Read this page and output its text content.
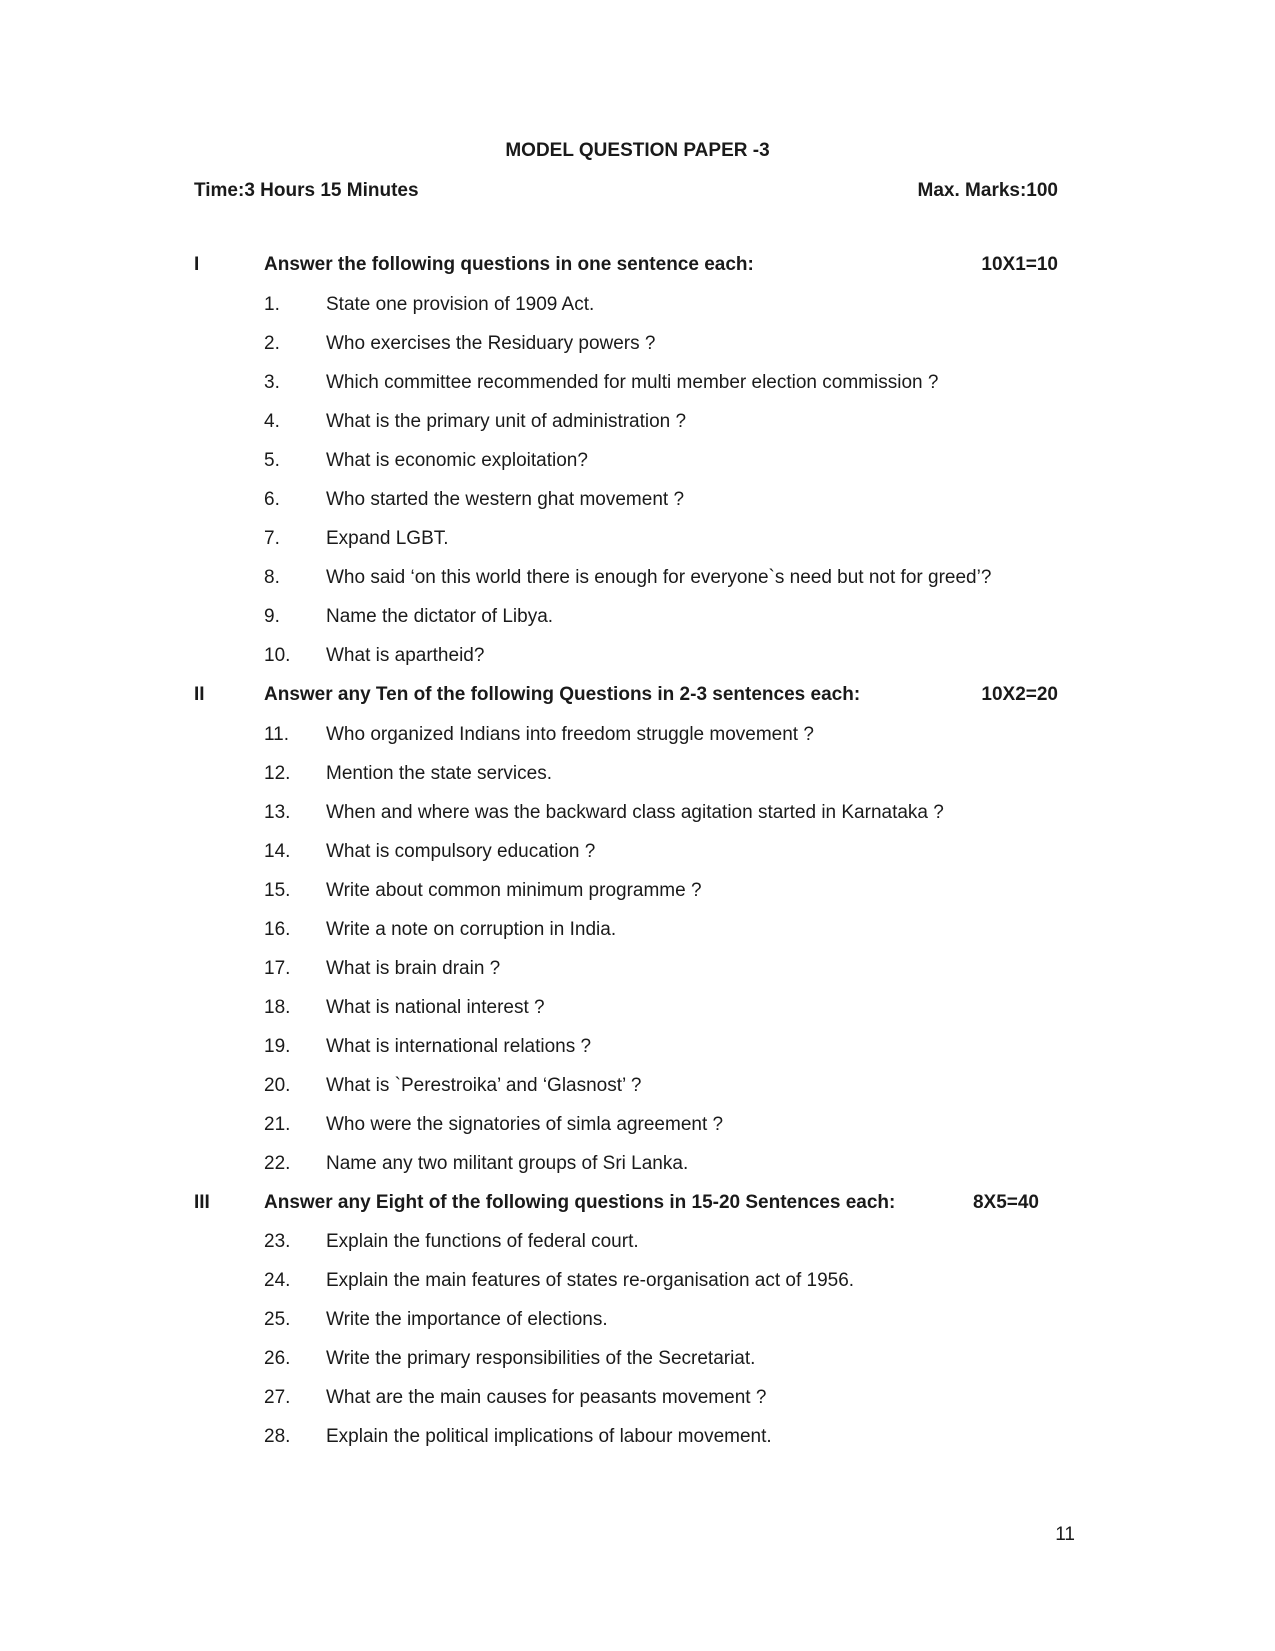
MODEL QUESTION PAPER -3
Time:3 Hours 15 Minutes	Max. Marks:100
I	Answer the following questions in one sentence each:	10X1=10
1. State one provision of 1909 Act.
2. Who exercises the Residuary powers ?
3. Which committee recommended for multi member election commission ?
4. What is the primary unit of administration ?
5. What is economic exploitation?
6. Who started the western ghat movement ?
7. Expand LGBT.
8. Who said ‘on this world there is enough for everyone`s need but not for greed’?
9. Name the dictator of Libya.
10. What is apartheid?
II	Answer any Ten of the following Questions in 2-3 sentences each:	10X2=20
11. Who organized Indians into freedom struggle movement ?
12. Mention the state services.
13. When and where was the backward class agitation started in Karnataka ?
14. What is compulsory education ?
15. Write about common minimum programme ?
16. Write a note on corruption in India.
17. What is brain drain ?
18. What is national interest ?
19. What is international relations ?
20. What is `Perestroika’ and ‘Glasnost’ ?
21. Who were the signatories of simla agreement ?
22. Name any two militant groups of Sri Lanka.
III	Answer any Eight of the following questions in 15-20 Sentences each:	8X5=40
23. Explain the functions of federal court.
24. Explain the main features of states re-organisation act of 1956.
25. Write the importance of elections.
26. Write the primary responsibilities of the Secretariat.
27. What are the main causes for peasants movement ?
28. Explain the political implications of labour movement.
11
